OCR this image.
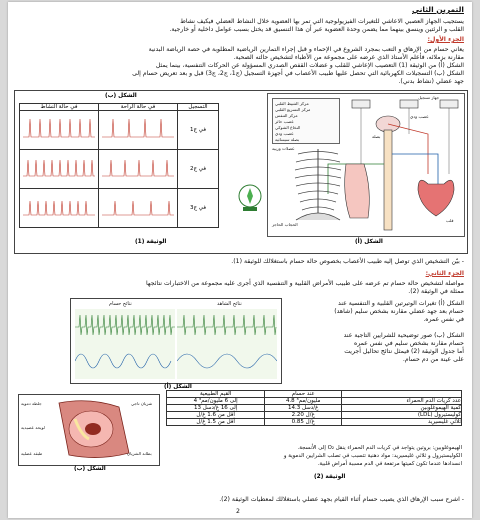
التمرين الثاني
يستجيب الجهاز العصبي الاعاشي للتغيرات الفيزيولوجية التي تمر بها العضوية خلال النشاط العضلي فيكيف نشاط
القلب و الرئتين وينسق بينهما مما يضمن وحدة العضوية عبر أن هذا التنسيق قد يختل بسبب عوامل داخلية أو خارجية.
الجزء الأول:
يعاني حسام من الإرهاق و التعب بمجرد الشروع في الإحماء و قبل إجراء التمارين الرياضية المطلوبة في حصة الرياضة البدنية
مقارنة بزملائه، فأعلم الأستاذ الذي عرضه على مجموعة من الأطباء لتشخيص حالته الصحية.
الشكل (أ) من الوثيقة (1) التعصيب الإعاشي للقلب و عضلات القفص الصدري المسؤولة عن الحركات التنفسية، بينما يمثل
الشكل (ب) التسجيلات الكهربائية التي تحصل عليها طبيب الأعصاب في أجهزة التسجيل (ج1، ج2، ج3) قبل و بعد تعريض حسام إلى
جهد عضلي (نشاط بدني).
الشكل (ب)
في حالة النشاط	في حالة الراحة	التسجيل
		في ج1
		في ج2
		في ج3
مركز التثبيط القلبي
مركز التسريع القلبي
مركز التنفس
عصب حائر
النخاع الشوكي
عصب ودي
بصلة سيسائية
عصب ودي
بصلة
قلب
عضلات وربية
الحجاب الحاجز
جهاز تسجيل
الشكل (أ)
الوثيقة (1)
- بيّن التشخيص الذي توصل إليه طبيب الأعصاب بخصوص حالة حسام باستغلالك للوثيقة (1).
الجزء الثاني:
مواصلة لتشخيص حالة حسام تم عرضه على طبيب الأمراض القلبية و التنفسية الذي أجرى عليه مجموعة من الاختبارات نتائجها
ممثلة في الوثيقة (2).
الشكل (أ) تغيرات الوتيرتين القلبية و التنفسية عند
حسام بعد جهد عضلي مقارنة بشخص سليم (شاهد)
في نفس عمره.
الشكل (ب) صور توضيحية للشرايين التاجية عند
حسام مقارنة بشخص سليم في نفس عمره
أما جدول الوثيقة (2) فيمثل نتائج تحاليل أجريت
على عينة من دم حسام.
نتائج حسام	نتائج الشاهد
الشكل (أ)
جلطة دموية	شريان تاجي
لويحة عصيدية
طبقة عضلية	بطانة الشريان
الشكل (ب)
القيم الطبيعية	عند حسام	
4 إلى 6 مليون/مم³	4.8 مليون/مم³	عدد كريات الدم الحمراء
13 إلى 16 غ/دسل	14.3 غ/دسل	كمية الهيموغلوبين
أقل من 1.6 غ/ل	2.20 غ/ل	كوليستيرول (LDL)
أقل من 1.5 غ/ل	0.85 غ/ل	ثلاثي غليسيريد
الهيموغلوبين: بروتين يتواجد في كريات الدم الحمراء ينقل O₂ إلى الأنسجة.
الكوليستيرول و ثلاثي غليسيريد: مواد دهنية تتسبب في تصلب الشرايين الدموية و
انسدادها عندما تكون كميتها مرتفعة في الدم مسببة أمراض قلبية.
الوثيقة (2)
- اشرح سبب الإرهاق الذي يصيب حسام أثناء القيام بجهد عضلي باستغلالك لمعطيات الوثيقة (2).
2
